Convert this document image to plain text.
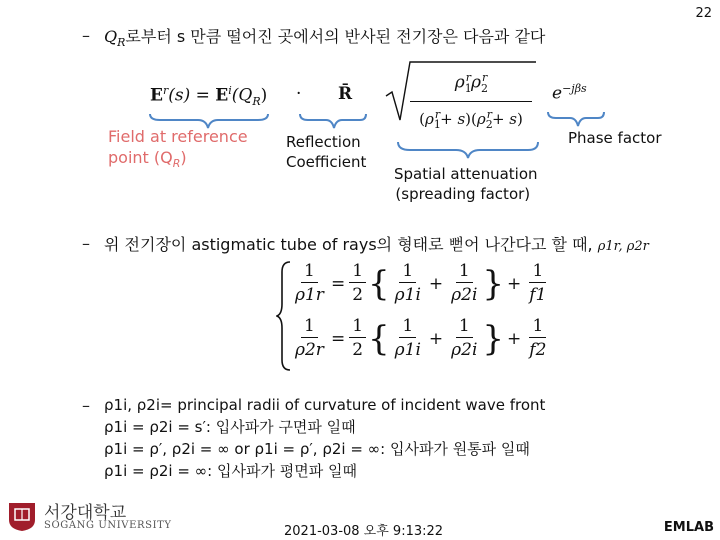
22
– $Q_R$로부터 s 만큼 떨어진 곳에서의 반사된 전기장은 다음과 같다
$E^r(s) = E^i(Q_R)$ · R̄	$\frac{\rho_1^r\rho_2^r}{(\rho_1^r+ s)(\rho_2^r+ s)} e^{-j\beta s}$
Field at reference
point $(Q_R)$
Reflection
Coefficient
Phase factor
Spatial attenuation
(spreading factor)
– 위 전기장이 astigmatic tube of rays의 형태로 뻗어 나간다고 할 때, ρ1r, ρ2r
$\frac{1}{\rho 1r} = \frac{1}{2}$ { $\frac{1}{\rho 1i} + \frac{1}{\rho 2i}$ } + $\frac{1}{f1}$
$\frac{1}{\rho 2r} = \frac{1}{2}$ { $\frac{1}{\rho 1i} + \frac{1}{\rho 2i}$ } + $\frac{1}{f2}$
– ρ1i, ρ2i= principal radii of curvature of incident wave front
ρ1i = ρ2i = s′: 입사파가 구면파 일때
ρ1i = ρ′, ρ2i = ∞ or ρ1i = ρ′, ρ2i = ∞: 입사파가 원통파 일때
ρ1i = ρ2i = ∞: 입사파가 평면파 일때
서강대학교
SOGANG UNIVERSITY	2021-03-08 오후 9:13:22	EMLAB
